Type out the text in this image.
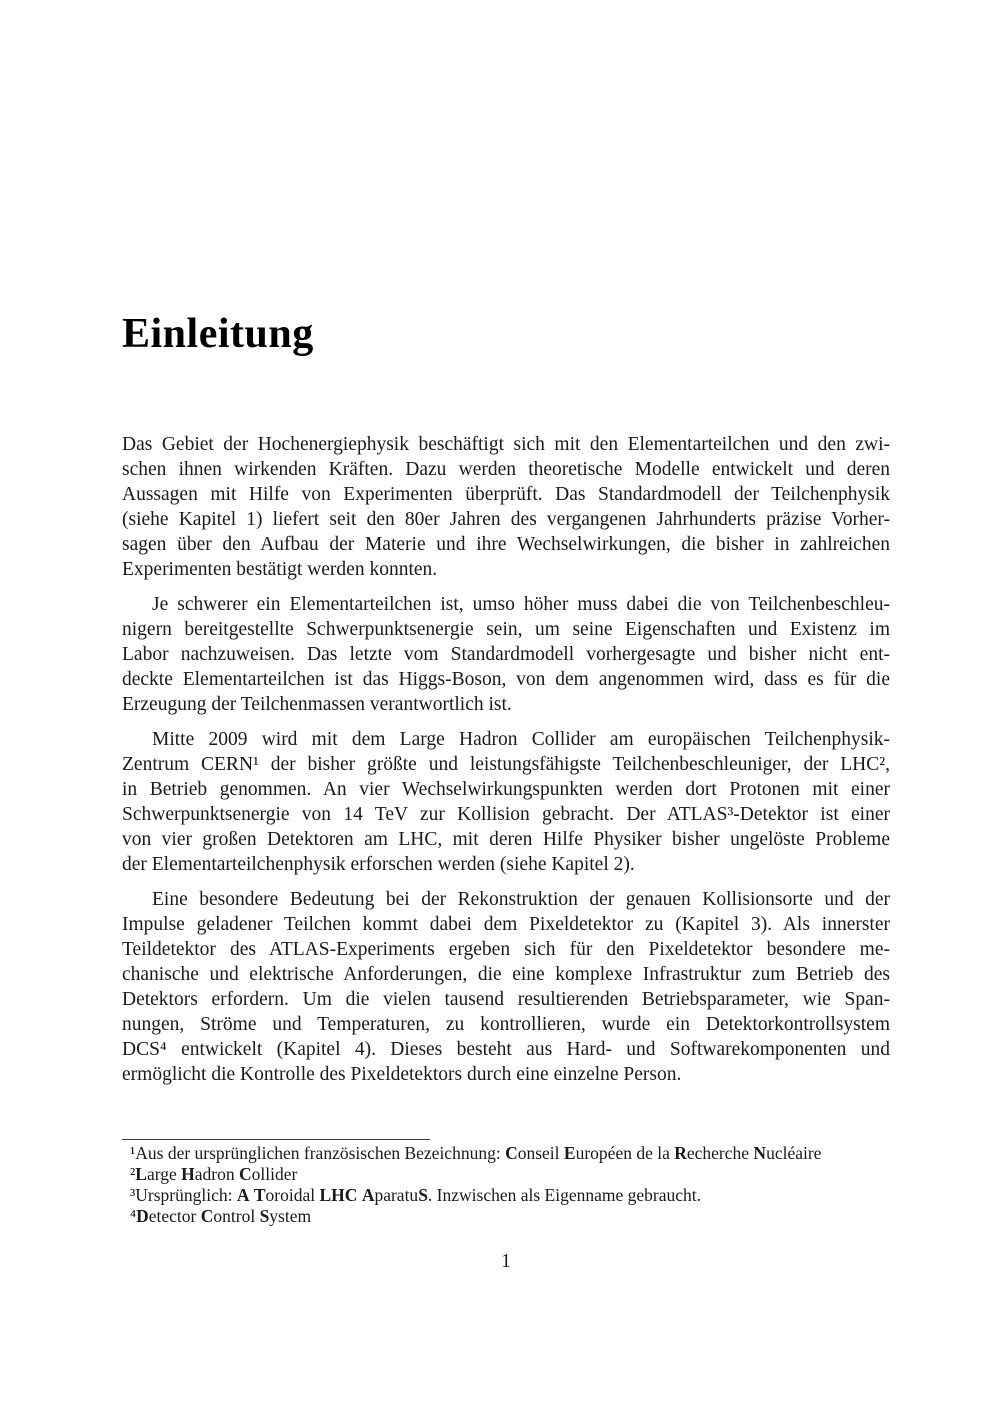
Einleitung
Das Gebiet der Hochenergiephysik beschäftigt sich mit den Elementarteilchen und den zwi-
schen ihnen wirkenden Kräften. Dazu werden theoretische Modelle entwickelt und deren
Aussagen mit Hilfe von Experimenten überprüft. Das Standardmodell der Teilchenphysik
(siehe Kapitel 1) liefert seit den 80er Jahren des vergangenen Jahrhunderts präzise Vorher-
sagen über den Aufbau der Materie und ihre Wechselwirkungen, die bisher in zahlreichen
Experimenten bestätigt werden konnten.
Je schwerer ein Elementarteilchen ist, umso höher muss dabei die von Teilchenbeschleu-
nigern bereitgestellte Schwerpunktsenergie sein, um seine Eigenschaften und Existenz im
Labor nachzuweisen. Das letzte vom Standardmodell vorhergesagte und bisher nicht ent-
deckte Elementarteilchen ist das Higgs-Boson, von dem angenommen wird, dass es für die
Erzeugung der Teilchenmassen verantwortlich ist.
Mitte 2009 wird mit dem Large Hadron Collider am europäischen Teilchenphysik-
Zentrum CERN¹ der bisher größte und leistungsfähigste Teilchenbeschleuniger, der LHC²,
in Betrieb genommen. An vier Wechselwirkungspunkten werden dort Protonen mit einer
Schwerpunktsenergie von 14 TeV zur Kollision gebracht. Der ATLAS³-Detektor ist einer
von vier großen Detektoren am LHC, mit deren Hilfe Physiker bisher ungelöste Probleme
der Elementarteilchenphysik erforschen werden (siehe Kapitel 2).
Eine besondere Bedeutung bei der Rekonstruktion der genauen Kollisionsorte und der
Impulse geladener Teilchen kommt dabei dem Pixeldetektor zu (Kapitel 3). Als innerster
Teildetektor des ATLAS-Experiments ergeben sich für den Pixeldetektor besondere me-
chanische und elektrische Anforderungen, die eine komplexe Infrastruktur zum Betrieb des
Detektors erfordern. Um die vielen tausend resultierenden Betriebsparameter, wie Span-
nungen, Ströme und Temperaturen, zu kontrollieren, wurde ein Detektorkontrollsystem
DCS⁴ entwickelt (Kapitel 4). Dieses besteht aus Hard- und Softwarekomponenten und
ermöglicht die Kontrolle des Pixeldetektors durch eine einzelne Person.
¹Aus der ursprünglichen französischen Bezeichnung: Conseil Européen de la Recherche Nucléaire
²Large Hadron Collider
³Ursprünglich: A Toroidal LHC AparatuS. Inzwischen als Eigenname gebraucht.
⁴Detector Control System
1
